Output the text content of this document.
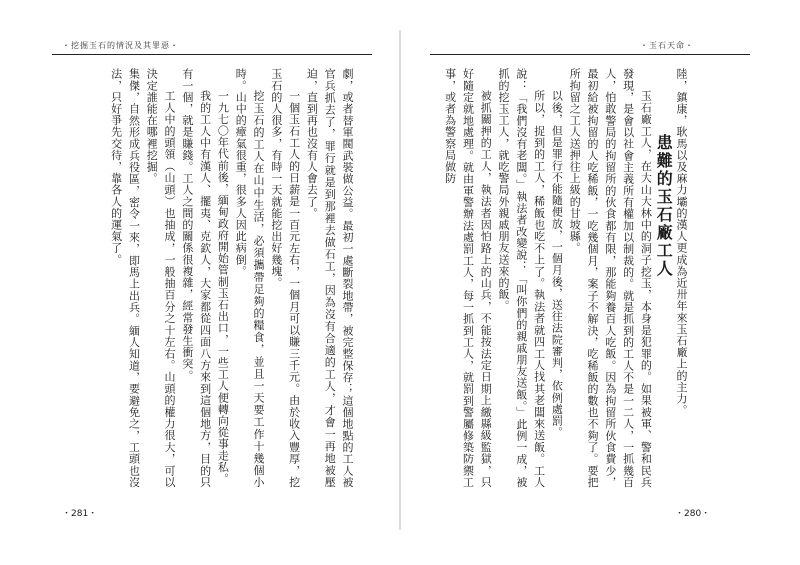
・挖掘玉石的情況及其罪惡・

劇，或者替軍閥武裝做公益。最初一處斷裂地帶，被完整保存；這個地點的工人被官兵抓去了，罪行就是到那裡去做石工，因為沒有合適的工人，才會一再地被壓迫，直到再也沒有人會去了。

一個玉石工人的日薪是一百元左右，一個月可以賺三千元。由於收入豐厚，挖玉石的人很多，有時一天就能挖出好幾塊。

挖玉石的工人在山中生活，必須攜帶足夠的糧食，並且一天要工作十幾個小時。山中的瘴氣很重，很多人因此病倒。

一九七〇年代前後，緬甸政府開始管制玉石出口，一些工人便轉向從事走私。

我的工人中有漢人、擺夷、克欽人，大家都從四面八方來到這個地方，目的只有一個，就是賺錢。工人之間的關係很複雜，經常發生衝突。

工人中的頭領（山頭）也抽成，一般抽百分之十左右。山頭的權力很大，可以決定誰能在哪裡挖掘。

集傑，自然形成兵役區，密令一來，即馬上出兵。緬人知道，要避免之，工頭也沒法，只好爭先交待，靠各人的運氣了。

・281・
・玉石天命・

陸，鎮康，耿馬以及麻力壩的漢人更成為近卅年來玉石廠上的主力。

患難的玉石廠工人

玉石廠工人，在大山大林中的洞子挖玉，本身是犯罪的。如果被軍、警和民兵發現，是會以社會主義所有權加以制裁的。就是抓到的工人不是一二人，一抓幾百人，怕敢警局的拘留所的伙食都有限，那能夠養百人吃飯。因為拘留所伙食費少，最初給被拘留的人吃稀飯，一吃幾個月，案子不解決，吃稀飯的數也不夠了。要把所拘留之工人送押往上級的甘坡縣。

以後，但是罪行不能隨便放，一個月後，送往法院審判，依例處罰。

所以，捉到的工人，稀飯也吃不上了。執法者就四工人找其老闆來送飯。工人說：「我們沒有老闆。」執法者改變說：「叫你們的親戚朋友送飯。」此例一成，被抓的挖玉工人，就吃警局外親戚朋友送來的飯。

被抓關押的工人，執法者因怕路上的山兵，不能按法定日期上繳縣級監獄，只好隨定就地處理。就由軍警辦法處罰工人，每一抓到工人，就罰到警屬修築防禦工事，或者為警察局做防

・280・
